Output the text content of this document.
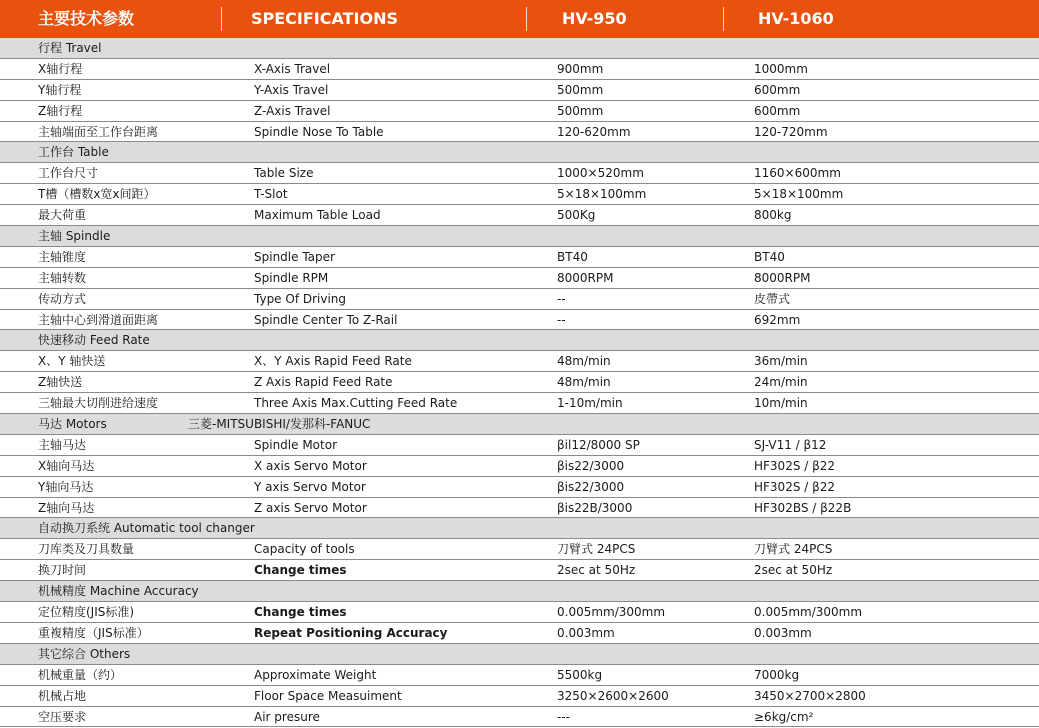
主要技术参数	SPECIFICATIONS	HV-950	HV-1060
行程 Travel
X轴行程	X-Axis Travel	900mm	1000mm
Y轴行程	Y-Axis Travel	500mm	600mm
Z轴行程	Z-Axis Travel	500mm	600mm
主轴端面至工作台距离	Spindle Nose To Table	120-620mm	120-720mm
工作台 Table
工作台尺寸	Table Size	1000×520mm	1160×600mm
T槽（槽数x宽x间距）	T-Slot	5×18×100mm	5×18×100mm
最大荷重	Maximum Table Load	500Kg	800kg
主轴 Spindle
主轴锥度	Spindle Taper	BT40	BT40
主轴转数	Spindle RPM	8000RPM	8000RPM
传动方式	Type Of Driving	--	皮帶式
主轴中心到滑道面距离	Spindle Center To Z-Rail	--	692mm
快速移动 Feed Rate
X、Y 轴快送	X、Y Axis Rapid Feed Rate	48m/min	36m/min
Z轴快送	Z Axis Rapid Feed Rate	48m/min	24m/min
三轴最大切削进给速度	Three Axis Max.Cutting Feed Rate	1-10m/min	10m/min
马达 Motors	三菱-MITSUBISHI/发那科-FANUC
主轴马达	Spindle Motor	βil12/8000 SP	SJ-V11 / β12
X轴向马达	X axis Servo Motor	βis22/3000	HF302S / β22
Y轴向马达	Y axis Servo Motor	βis22/3000	HF302S / β22
Z轴向马达	Z axis Servo Motor	βis22B/3000	HF302BS / β22B
自动换刀系统 Automatic tool changer
刀库类及刀具数量	Capacity of tools	刀臂式 24PCS	刀臂式 24PCS
换刀时间	Change times	2sec at 50Hz	2sec at 50Hz
机械精度 Machine Accuracy
定位精度(JIS标准)	Change times	0.005mm/300mm	0.005mm/300mm
重複精度（JIS标准）	Repeat Positioning Accuracy	0.003mm	0.003mm
其它综合 Others
机械重量（约）	Approximate Weight	5500kg	7000kg
机械占地	Floor Space Measuiment	3250×2600×2600	3450×2700×2800
空压要求	Air presure	---	≥6kg/cm²
